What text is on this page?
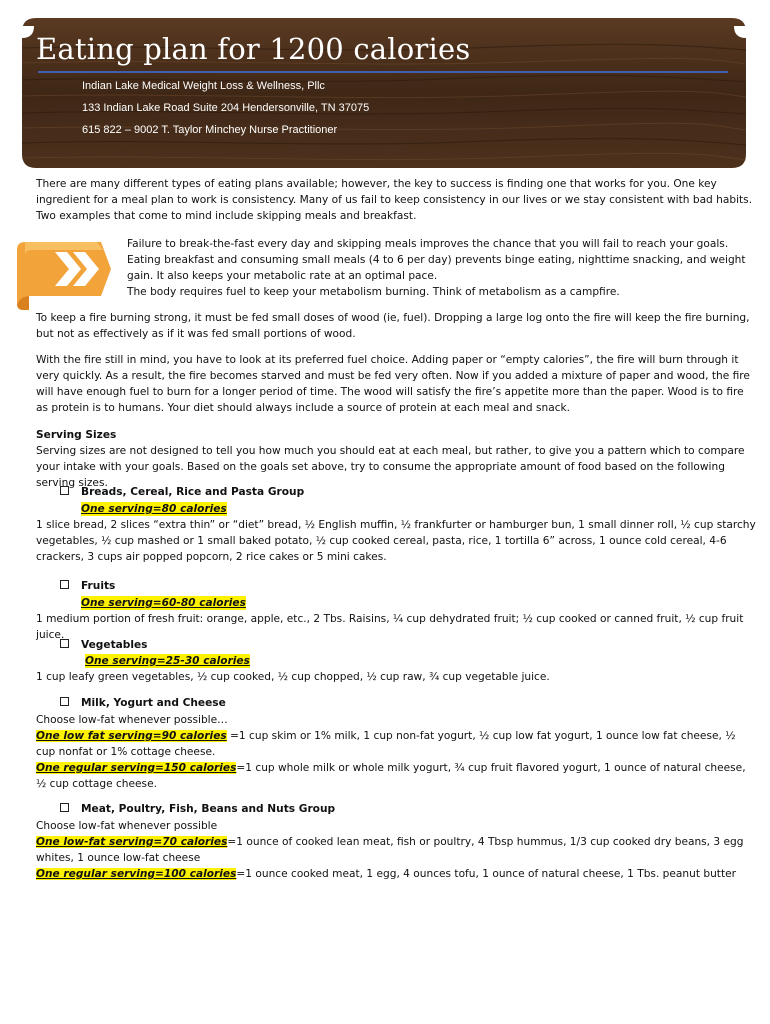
Eating plan for 1200 calories
Indian Lake Medical Weight Loss & Wellness, Pllc
133 Indian Lake Road Suite 204 Hendersonville, TN 37075
615 822 – 9002 T. Taylor Minchey Nurse Practitioner
There are many different types of eating plans available; however, the key to success is finding one that works for you. One key ingredient for a meal plan to work is consistency. Many of us fail to keep consistency in our lives or we stay consistent with bad habits. Two examples that come to mind include skipping meals and breakfast.
Failure to break-the-fast every day and skipping meals improves the chance that you will fail to reach your goals. Eating breakfast and consuming small meals (4 to 6 per day) prevents binge eating, nighttime snacking, and weight gain. It also keeps your metabolic rate at an optimal pace.
The body requires fuel to keep your metabolism burning. Think of metabolism as a campfire.
To keep a fire burning strong, it must be fed small doses of wood (ie, fuel). Dropping a large log onto the fire will keep the fire burning, but not as effectively as if it was fed small portions of wood.
With the fire still in mind, you have to look at its preferred fuel choice. Adding paper or “empty calories”, the fire will burn through it very quickly. As a result, the fire becomes starved and must be fed very often. Now if you added a mixture of paper and wood, the fire will have enough fuel to burn for a longer period of time. The wood will satisfy the fire’s appetite more than the paper. Wood is to fire as protein is to humans. Your diet should always include a source of protein at each meal and snack.
Serving Sizes
Serving sizes are not designed to tell you how much you should eat at each meal, but rather, to give you a pattern which to compare your intake with your goals. Based on the goals set above, try to consume the appropriate amount of food based on the following serving sizes.
Breads, Cereal, Rice and Pasta Group
One serving=80 calories
1 slice bread, 2 slices “extra thin” or “diet” bread, ½ English muffin, ½ frankfurter or hamburger bun, 1 small dinner roll, ½ cup starchy vegetables, ½ cup mashed or 1 small baked potato, ½ cup cooked cereal, pasta, rice, 1 tortilla 6” across, 1 ounce cold cereal, 4-6 crackers, 3 cups air popped popcorn, 2 rice cakes or 5 mini cakes.
Fruits
One serving=60-80 calories
1 medium portion of fresh fruit: orange, apple, etc., 2 Tbs. Raisins, ¼ cup dehydrated fruit; ½ cup cooked or canned fruit, ½ cup fruit juice.
Vegetables
One serving=25-30 calories
1 cup leafy green vegetables, ½ cup cooked, ½ cup chopped, ½ cup raw, ¾ cup vegetable juice.
Milk, Yogurt and Cheese
Choose low-fat whenever possible…
One low fat serving=90 calories =1 cup skim or 1% milk, 1 cup non-fat yogurt, ½ cup low fat yogurt, 1 ounce low fat cheese, ½ cup nonfat or 1% cottage cheese.
One regular serving=150 calories=1 cup whole milk or whole milk yogurt, ¾ cup fruit flavored yogurt, 1 ounce of natural cheese, ½ cup cottage cheese.
Meat, Poultry, Fish, Beans and Nuts Group
Choose low-fat whenever possible
One low-fat serving=70 calories=1 ounce of cooked lean meat, fish or poultry, 4 Tbsp hummus, 1/3 cup cooked dry beans, 3 egg whites, 1 ounce low-fat cheese
One regular serving=100 calories=1 ounce cooked meat, 1 egg, 4 ounces tofu, 1 ounce of natural cheese, 1 Tbs. peanut butter
